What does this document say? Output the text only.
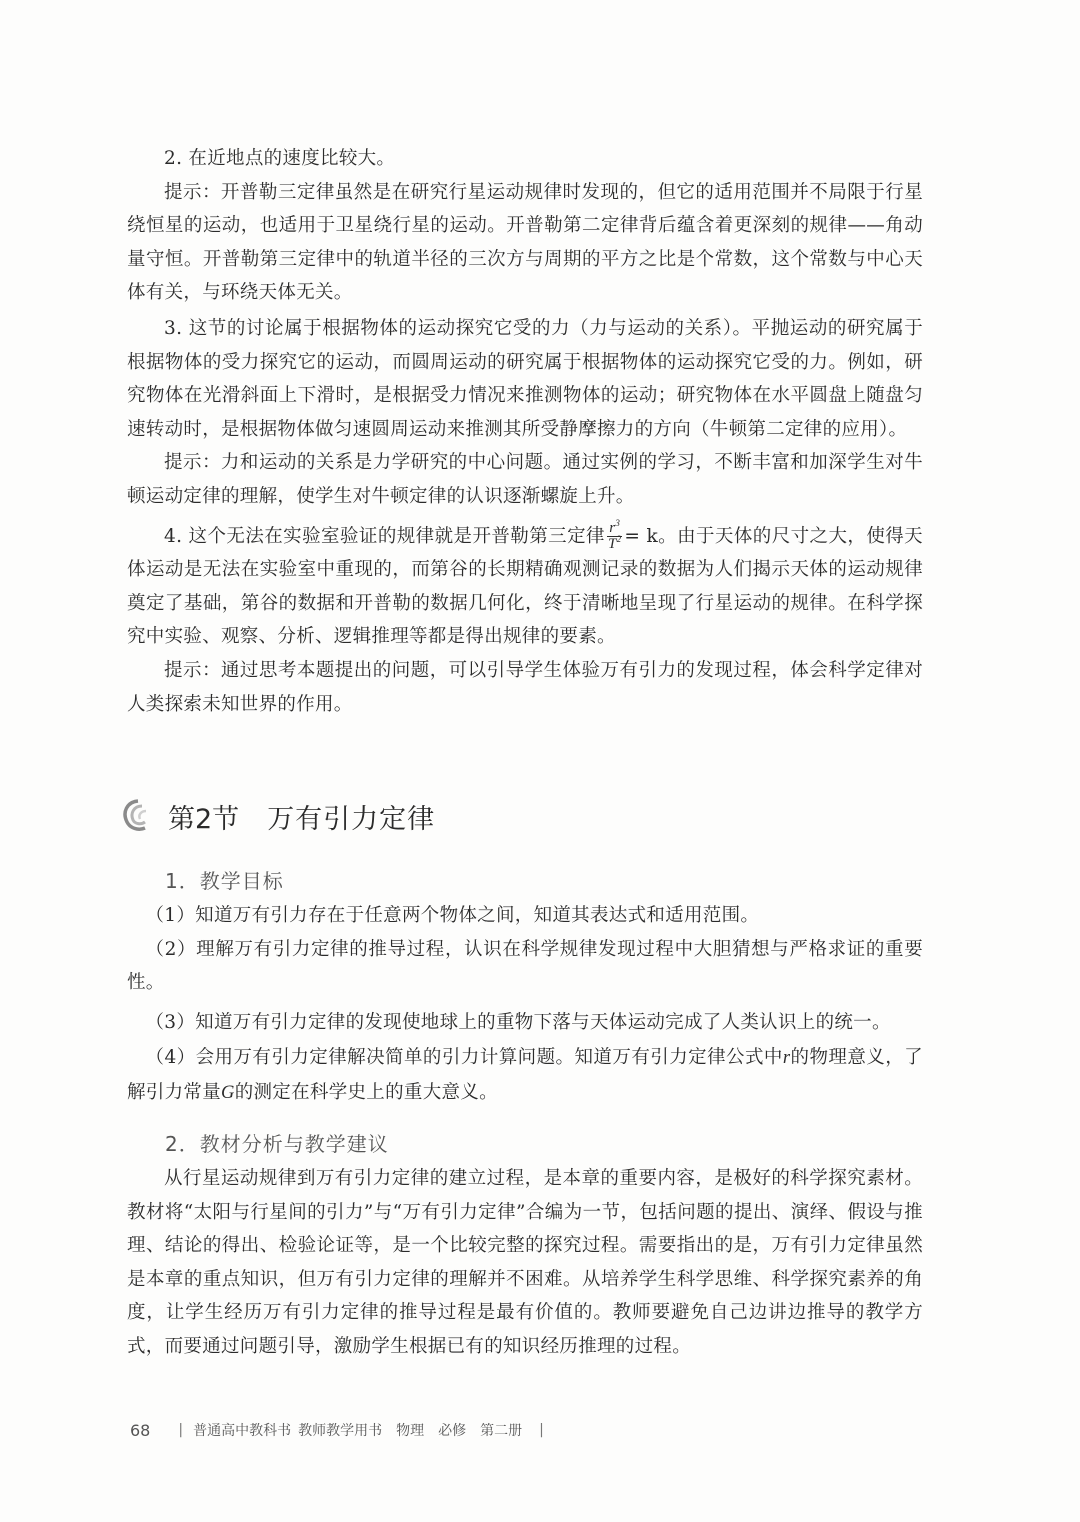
2. 在近地点的速度比较大。

提示：开普勒三定律虽然是在研究行星运动规律时发现的，但它的适用范围并不局限于行星绕恒星的运动，也适用于卫星绕行星的运动。开普勒第二定律背后蕴含着更深刻的规律——角动量守恒。开普勒第三定律中的轨道半径的三次方与周期的平方之比是个常数，这个常数与中心天体有关，与环绕天体无关。

3. 这节的讨论属于根据物体的运动探究它受的力（力与运动的关系）。平抛运动的研究属于根据物体的受力探究它的运动，而圆周运动的研究属于根据物体的运动探究它受的力。例如，研究物体在光滑斜面上下滑时，是根据受力情况来推测物体的运动；研究物体在水平圆盘上随盘匀速转动时，是根据物体做匀速圆周运动来推测其所受静摩擦力的方向（牛顿第二定律的应用）。

提示：力和运动的关系是力学研究的中心问题。通过实例的学习，不断丰富和加深学生对牛顿运动定律的理解，使学生对牛顿定律的认识逐渐螺旋上升。

4. 这个无法在实验室验证的规律就是开普勒第三定律 $\frac{r^3}{T^2} = k$。由于天体的尺寸之大，使得天体运动是无法在实验室中重现的，而第谷的长期精确观测记录的数据为人们揭示天体的运动规律奠定了基础，第谷的数据和开普勒的数据几何化，终于清晰地呈现了行星运动的规律。在科学探究中实验、观察、分析、逻辑推理等都是得出规律的要素。

提示：通过思考本题提出的问题，可以引导学生体验万有引力的发现过程，体会科学定律对人类探索未知世界的作用。

第2节 万有引力定律
1．教学目标

（1）知道万有引力存在于任意两个物体之间，知道其表达式和适用范围。

（2）理解万有引力定律的推导过程，认识在科学规律发现过程中大胆猜想与严格求证的重要性。

（3）知道万有引力定律的发现使地球上的重物下落与天体运动完成了人类认识上的统一。

（4）会用万有引力定律解决简单的引力计算问题。知道万有引力定律公式中r的物理意义，了解引力常量G的测定在科学史上的重大意义。

2．教材分析与教学建议

从行星运动规律到万有引力定律的建立过程，是本章的重要内容，是极好的科学探究素材。教材将“太阳与行星间的引力”与“万有引力定律”合编为一节，包括问题的提出、演绎、假设与推理、结论的得出、检验论证等，是一个比较完整的探究过程。需要指出的是，万有引力定律虽然是本章的重点知识，但万有引力定律的理解并不困难。从培养学生科学思维、科学探究素养的角度，让学生经历万有引力定律的推导过程是最有价值的。教师要避免自己边讲边推导的教学方式，而要通过问题引导，激励学生根据已有的知识经历推理的过程。

68 | 普通高中教科书 教师教学用书 物理 必修 第二册 |
